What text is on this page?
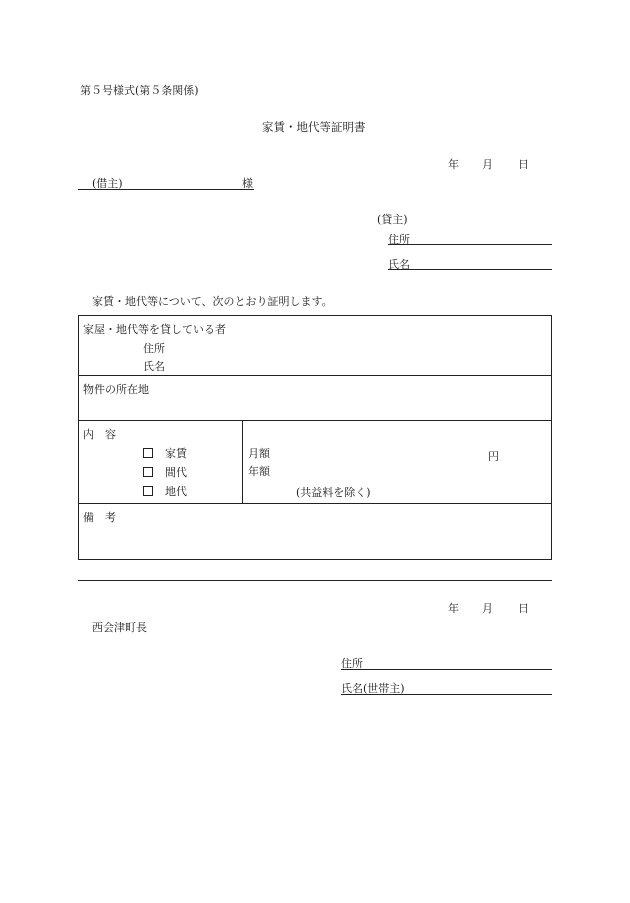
第５号様式(第５条関係)
家賃・地代等証明書
年 月 日
(借主)	様
(貸主)
住所
氏名
家賃・地代等について、次のとおり証明します。
家屋・地代等を貸している者
住所
氏名
物件の所在地
内　容
家賃
間代
地代
月額
年額
円
(共益料を除く)
備　考
年 月 日
西会津町長
住所
氏名(世帯主)
